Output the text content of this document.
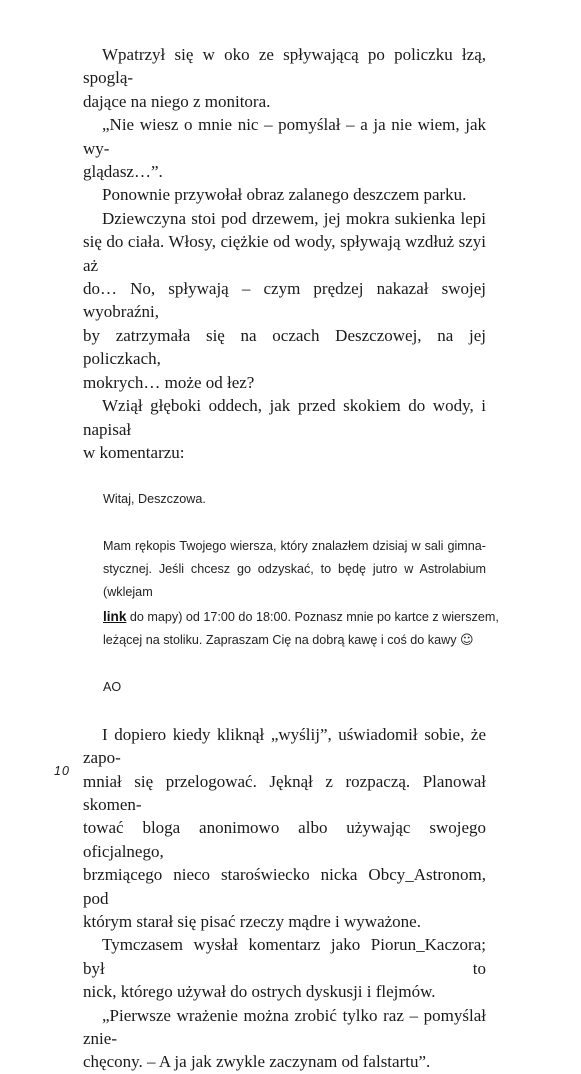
Wpatrzył się w oko ze spływającą po policzku łzą, spoglą-
dające na niego z monitora.
„Nie wiesz o mnie nic – pomyślał – a ja nie wiem, jak wy-
glądasz…”.
Ponownie przywołał obraz zalanego deszczem parku.
Dziewczyna stoi pod drzewem, jej mokra sukienka lepi
się do ciała. Włosy, ciężkie od wody, spływają wzdłuż szyi aż
do… No, spływają – czym prędzej nakazał swojej wyobraźni,
by zatrzymała się na oczach Deszczowej, na jej policzkach,
mokrych… może od łez?
Wziął głęboki oddech, jak przed skokiem do wody, i napisał
w komentarzu:
Witaj, Deszczowa.
Mam rękopis Twojego wiersza, który znalazłem dzisiaj w sali gimna-
stycznej. Jeśli chcesz go odzyskać, to będę jutro w Astrolabium (wklejam
link do mapy) od 17:00 do 18:00. Poznasz mnie po kartce z wierszem,
leżącej na stoliku. Zapraszam Cię na dobrą kawę i coś do kawy ☺
AO
I dopiero kiedy kliknął „wyślij”, uświadomił sobie, że zapo-
mniał się przelogować. Jęknął z rozpaczą. Planował skomen-
tować bloga anonimowo albo używając swojego oficjalnego,
brzmiącego nieco staroświecko nicka Obcy_Astronom, pod
którym starał się pisać rzeczy mądre i wyważone.
Tymczasem wysłał komentarz jako Piorun_Kaczora; był to
nick, którego używał do ostrych dyskusji i flejmów.
„Pierwsze wrażenie można zrobić tylko raz – pomyślał znie-
chęcony. – A ja jak zwykle zaczynam od falstartu”.
10
